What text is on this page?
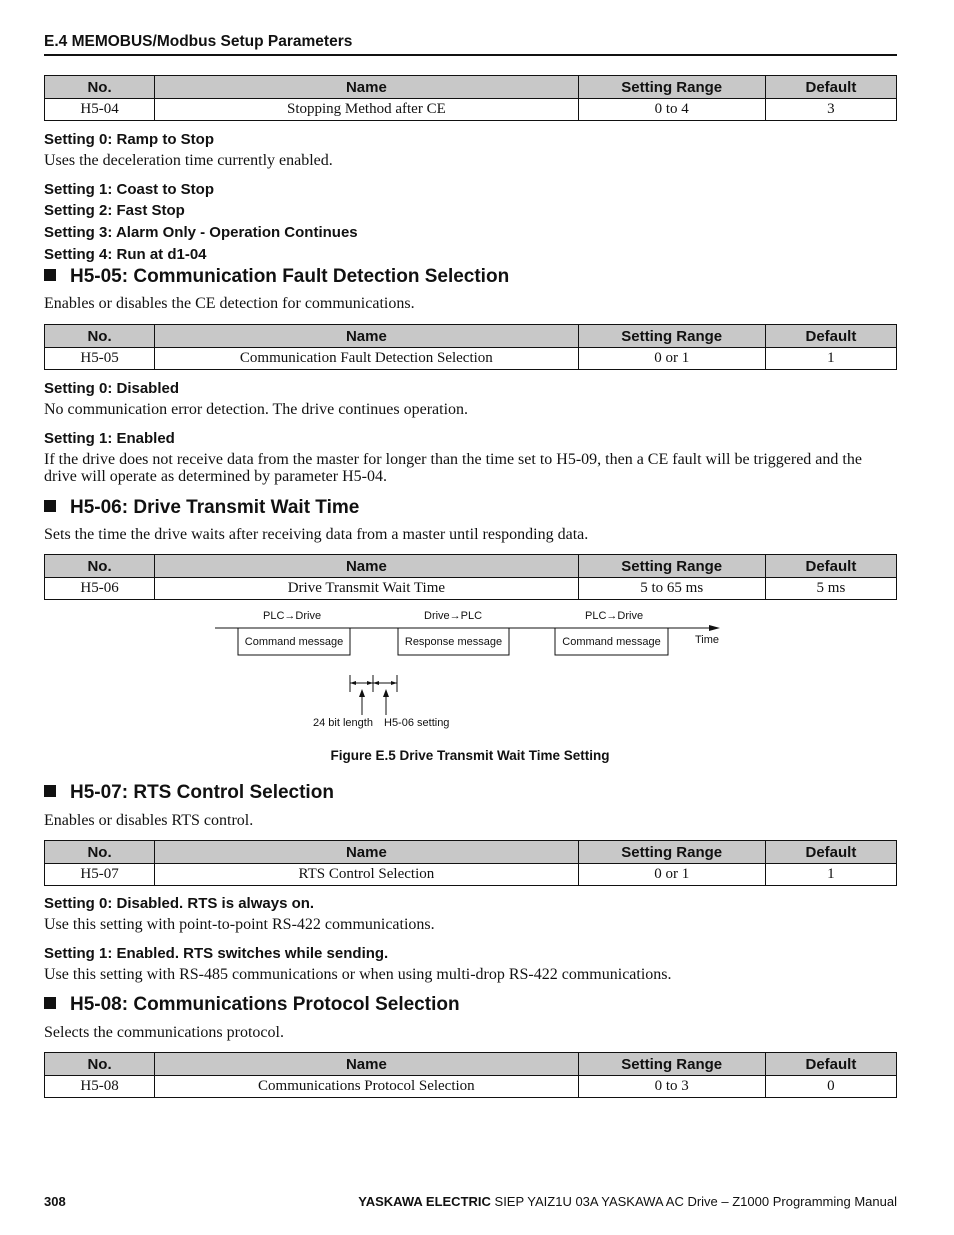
E.4 MEMOBUS/Modbus Setup Parameters
No.	Name	Setting Range	Default
H5-04	Stopping Method after CE	0 to 4	3
Setting 0: Ramp to Stop
Uses the deceleration time currently enabled.
Setting 1: Coast to Stop
Setting 2: Fast Stop
Setting 3: Alarm Only - Operation Continues
Setting 4: Run at d1-04
H5-05: Communication Fault Detection Selection
Enables or disables the CE detection for communications.
No.	Name	Setting Range	Default
H5-05	Communication Fault Detection Selection	0 or 1	1
Setting 0: Disabled
No communication error detection. The drive continues operation.
Setting 1: Enabled
If the drive does not receive data from the master for longer than the time set to H5-09, then a CE fault will be triggered and the drive will operate as determined by parameter H5-04.
H5-06: Drive Transmit Wait Time
Sets the time the drive waits after receiving data from a master until responding data.
No.	Name	Setting Range	Default
H5-06	Drive Transmit Wait Time	5 to 65 ms	5 ms
PLC→Drive	Drive→PLC	PLC→Drive
Command message	Response message	Command message	Time
24 bit length H5-06 setting
Figure E.5 Drive Transmit Wait Time Setting
H5-07: RTS Control Selection
Enables or disables RTS control.
No.	Name	Setting Range	Default
H5-07	RTS Control Selection	0 or 1	1
Setting 0: Disabled. RTS is always on.
Use this setting with point-to-point RS-422 communications.
Setting 1: Enabled. RTS switches while sending.
Use this setting with RS-485 communications or when using multi-drop RS-422 communications.
H5-08: Communications Protocol Selection
Selects the communications protocol.
No.	Name	Setting Range	Default
H5-08	Communications Protocol Selection	0 to 3	0
308	YASKAWA ELECTRIC SIEP YAIZ1U 03A YASKAWA AC Drive – Z1000 Programming Manual
